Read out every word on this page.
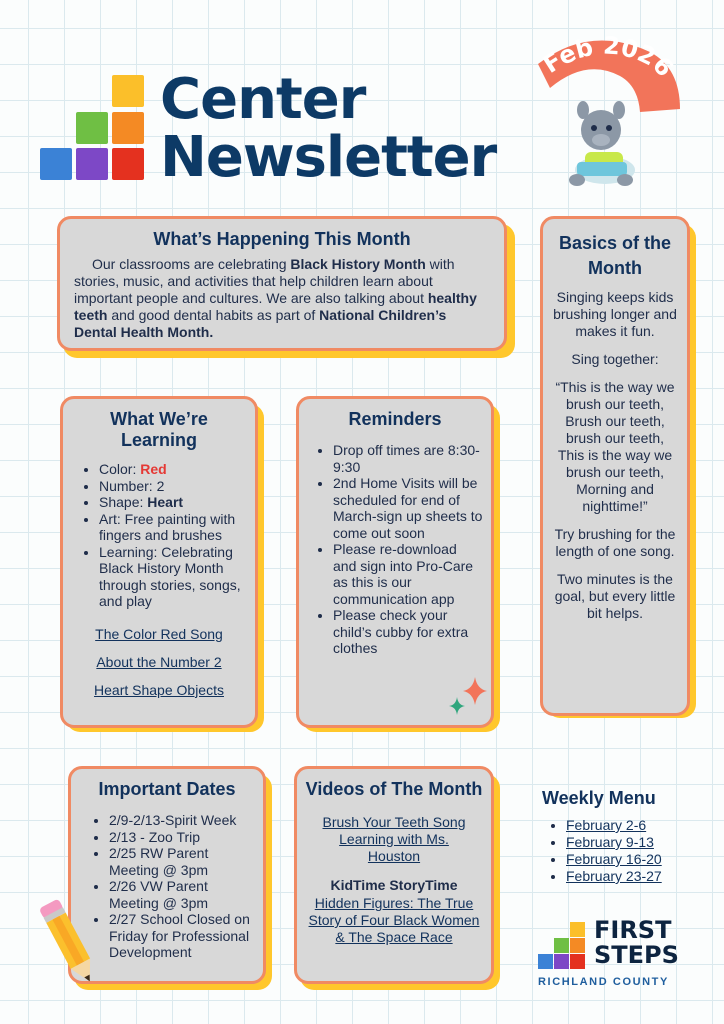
Center
Newsletter
Feb 2026
What’s Happening This Month

Our classrooms are celebrating Black History Month with stories, music, and activities that help children learn about important people and cultures. We are also talking about healthy teeth and good dental habits as part of National Children’s Dental Health Month.

Basics of the Month

Singing keeps kids brushing longer and makes it fun.

Sing together:

“This is the way we brush our teeth, Brush our teeth, brush our teeth, This is the way we brush our teeth, Morning and nighttime!”

Try brushing for the length of one song.

Two minutes is the goal, but every little bit helps.

What We’re Learning
• Color: Red
• Number: 2
• Shape: Heart
• Art: Free painting with fingers and brushes
• Learning: Celebrating Black History Month through stories, songs, and play
The Color Red Song
About the Number 2
Heart Shape Objects
Reminders
• Drop off times are 8:30-9:30
• 2nd Home Visits will be scheduled for end of March-sign up sheets to come out soon
• Please re-download and sign into Pro-Care as this is our communication app
• Please check your child’s cubby for extra clothes
Important Dates
• 2/9-2/13-Spirit Week
• 2/13 - Zoo Trip
• 2/25 RW Parent Meeting @ 3pm
• 2/26 VW Parent Meeting @ 3pm
• 2/27 School Closed on Friday for Professional Development
Videos of The Month
Brush Your Teeth Song Learning with Ms. Houston
KidTime StoryTime
Hidden Figures: The True Story of Four Black Women & The Space Race
Weekly Menu
• February 2-6
• February 9-13
• February 16-20
• February 23-27
FIRST
STEPS
RICHLAND COUNTY
